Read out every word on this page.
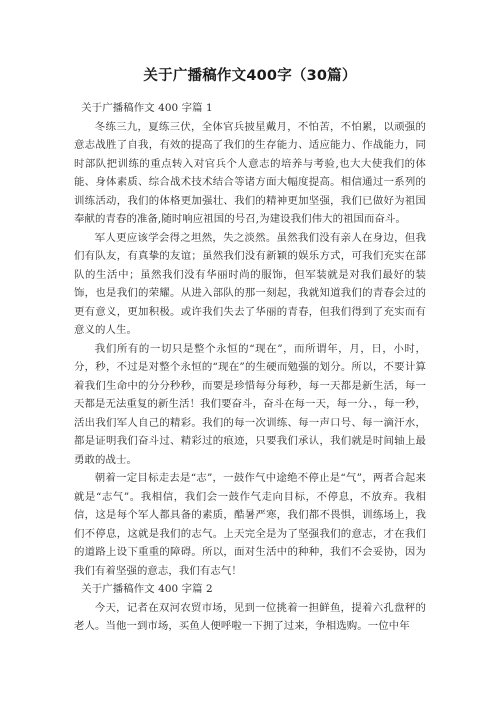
关于广播稿作文400字（30篇）

关于广播稿作文 400 字篇 1

冬练三九，夏练三伏，全体官兵披星戴月，不怕苦，不怕累，以顽强的意志战胜了自我，有效的提高了我们的生存能力、适应能力、作战能力，同时部队把训练的重点转入对官兵个人意志的培养与考验,也大大使我们的体能、身体素质、综合战术技术结合等诸方面大幅度提高。相信通过一系列的训练活动，我们的体格更加强壮、我们的精神更加坚强，我们已做好为祖国奉献的青春的准备,随时响应祖国的号召,为建设我们伟大的祖国而奋斗。

军人更应该学会得之坦然，失之淡然。虽然我们没有亲人在身边，但我们有队友，有真挚的友谊；虽然我们没有新颖的娱乐方式，可我们充实在部队的生活中；虽然我们没有华丽时尚的服饰，但军装就是对我们最好的装饰，也是我们的荣耀。从进入部队的那一刻起，我就知道我们的青春会过的更有意义，更加积极。或许我们失去了华丽的青春，但我们得到了充实而有意义的人生。

我们所有的一切只是整个永恒的“现在”，而所谓年，月，日，小时，分，秒，不过是对整个永恒的“现在”的生硬而勉强的划分。所以，不要计算着我们生命中的分分秒秒，而要是珍惜每分每秒，每一天都是新生活，每一天都是无法重复的新生活！我们要奋斗，奋斗在每一天，每一分、，每一秒，活出我们军人自己的精彩。我们的每一次训练、每一声口号、每一滴汗水，都是证明我们奋斗过、精彩过的痕迹，只要我们承认，我们就是时间轴上最勇敢的战士。

朝着一定目标走去是“志”，一鼓作气中途绝不停止是“气”，两者合起来就是“志气”。我相信，我们会一鼓作气走向目标，不停息，不放弃。我相信，这是每个军人都具备的素质，酷暑严寒，我们都不畏惧，训练场上，我们不停息，这就是我们的志气。上天完全是为了坚强我们的意志，才在我们的道路上设下重重的障碍。所以，面对生活中的种种，我们不会妥协，因为我们有着坚强的意志，我们有志气！

关于广播稿作文 400 字篇 2

今天，记者在双河农贸市场，见到一位挑着一担鲜鱼，提着六孔盘秤的老人。当他一到市场，买鱼人便呼啦一下拥了过来，争相选购。一位中年
